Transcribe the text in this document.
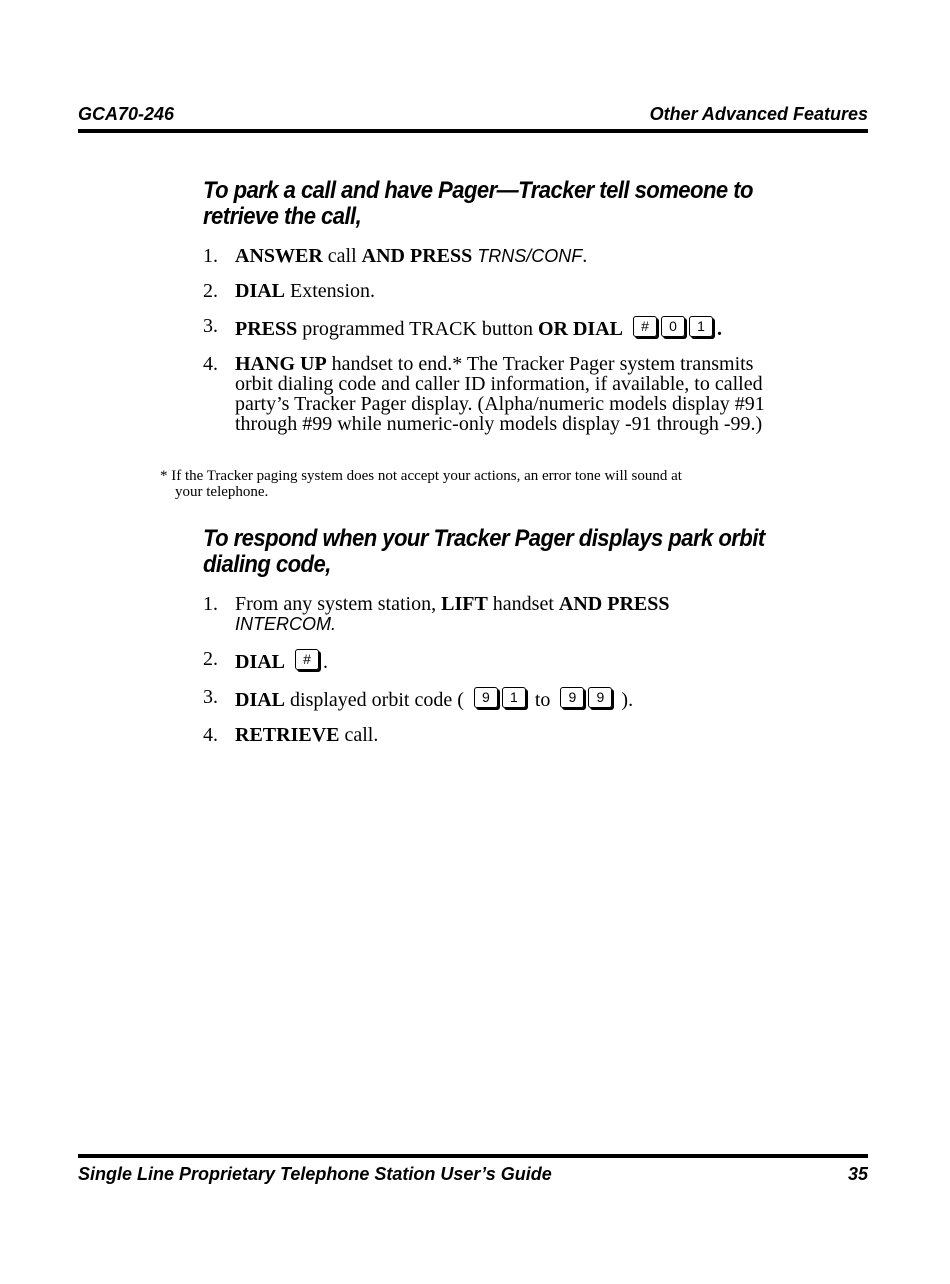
GCA70-246	Other Advanced Features
To park a call and have Pager—Tracker tell someone to retrieve the call,
1. ANSWER call AND PRESS TRNS/CONF.
2. DIAL Extension.
3. PRESS programmed TRACK button OR DIAL # 0 1 .
4. HANG UP handset to end.* The Tracker Pager system transmits orbit dialing code and caller ID information, if available, to called party’s Tracker Pager display. (Alpha/numeric models display #91 through #99 while numeric-only models display -91 through -99.)
* If the Tracker paging system does not accept your actions, an error tone will sound at
your telephone.
To respond when your Tracker Pager displays park orbit dialing code,
1. From any system station, LIFT handset AND PRESS
INTERCOM.
2. DIAL # .
3. DIAL displayed orbit code (  9 1 to  9 9 ).
4. RETRIEVE call.
Single Line Proprietary Telephone Station User’s Guide	35
